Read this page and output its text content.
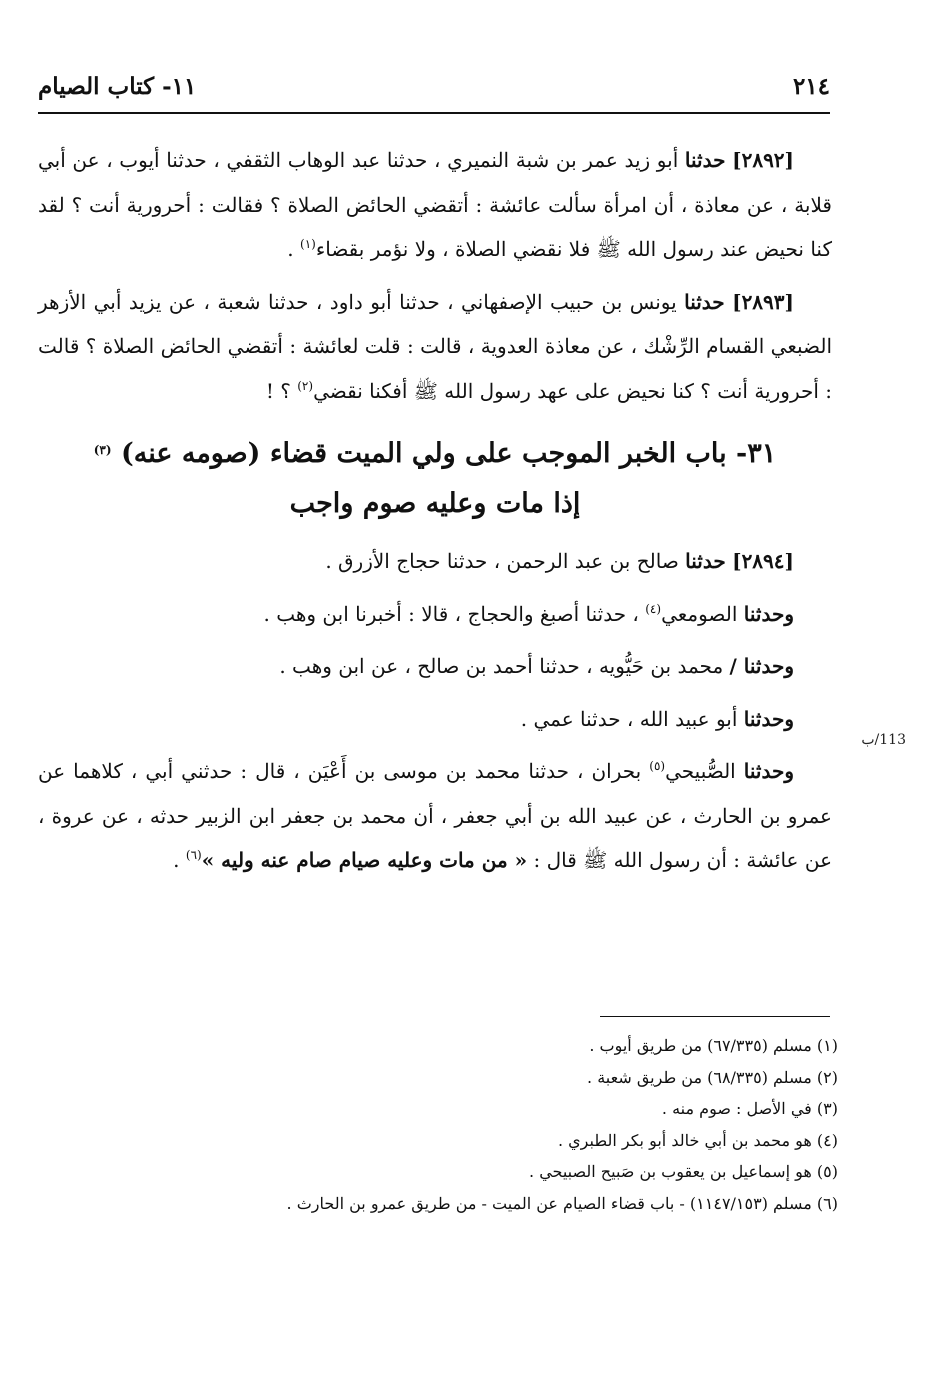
٢١٤
١١- كتاب الصيام

[٢٨٩٢] حدثنا أبو زيد عمر بن شبة النميري ، حدثنا عبد الوهاب الثقفي ، حدثنا أيوب ، عن أبي قلابة ، عن معاذة ، أن امرأة سألت عائشة : أتقضي الحائض الصلاة ؟ فقالت : أحرورية أنت ؟ لقد كنا نحيض عند رسول الله ﷺ فلا نقضي الصلاة ، ولا نؤمر بقضاء$^{(١)}$ .

[٢٨٩٣] حدثنا يونس بن حبيب الإصفهاني ، حدثنا أبو داود ، حدثنا شعبة ، عن يزيد أبي الأزهر الضبعي القسام الرِّشْك ، عن معاذة العدوية ، قالت : قلت لعائشة : أتقضي الحائض الصلاة ؟ قالت : أحرورية أنت ؟ كنا نحيض على عهد رسول الله ﷺ أفكنا نقضي$^{(٢)}$ ؟ !

٣١- باب الخبر الموجب على ولي الميت قضاء (صومه عنه) $^{(٣)}$
إذا مات وعليه صوم واجب

[٢٨٩٤] حدثنا صالح بن عبد الرحمن ، حدثنا حجاج الأزرق .

وحدثنا الصومعي$^{(٤)}$ ، حدثنا أصبغ والحجاج ، قالا : أخبرنا ابن وهب .

وحدثنا / محمد بن حَيُّويه ، حدثنا أحمد بن صالح ، عن ابن وهب .

وحدثنا أبو عبيد الله ، حدثنا عمي .

وحدثنا الصُّبيحي$^{(٥)}$ بحران ، حدثنا محمد بن موسى بن أَعْيَن ، قال : حدثني أبي ، كلاهما عن عمرو بن الحارث ، عن عبيد الله بن أبي جعفر ، أن محمد بن جعفر ابن الزبير حدثه ، عن عروة ، عن عائشة : أن رسول الله ﷺ قال : « من مات وعليه صيام صام عنه وليه »$^{(٦)}$ .

113/ب

(١) مسلم (٦٧/٣٣٥) من طريق أيوب .

(٢) مسلم (٦٨/٣٣٥) من طريق شعبة .

(٣) في الأصل : صوم منه .

(٤) هو محمد بن أبي خالد أبو بكر الطبري .

(٥) هو إسماعيل بن يعقوب بن صَبيح الصبيحي .

(٦) مسلم (١١٤٧/١٥٣) - باب قضاء الصيام عن الميت - من طريق عمرو بن الحارث .
